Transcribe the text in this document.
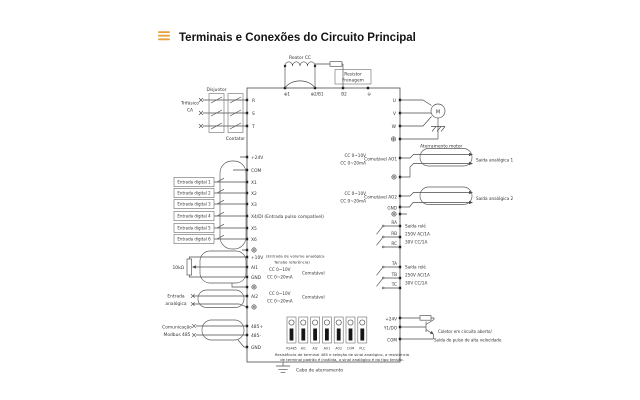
Terminais e Conexões do Circuito Principal
Disjuntor
Trifásico
CA
Contator
R
S
T
Reator CC
Resistor
Frenagem
⊕1	⊕2/B1	B2	⊖
M
U
V
W
Aterramento motor
Entrada digital 1
Entrada digital 2
Entrada digital 3
Entrada digital 4
Entrada digital 5
Entrada digital 6
+24V
COM
X1
X2
X3
X4/DI (Entrada pulso compatível)
X5
X6
10kΩ
+10V
AI1
GND
(Entrada de volume analógica
Tensão referência)
CC 0~10V
CC 0~20mA
Comutável
Entrada
analógica
AI2
CC 0~10V
CC 0~20mA
Comutável
Comunicação
Modbus 485
485+
485-
GND
CC 0~10V
CC 0~20mA
Comutável AO1	Saída analógica 1
CC 0~10V
CC 0~20mA
Comutável AO2
GND
Saída analógica 2
RA
RB
RC
Saída relé
250V AC/1A
30V CC/1A
TA
TB
TC
Saída relé
250V AC/1A
30V CC/1A
+24V
Y1/DO
COM
Coletor em circuito aberto/
Saída de pulso de alta velocidade
RS485 AI1 AI2 AO1 AO2 COM PLC
Resistência de terminal 485 e seleção de sinal analógico, a resistência
de terminal padrão é inválida, o sinal analógico é do tipo tensão.
Cabo de aterramento
